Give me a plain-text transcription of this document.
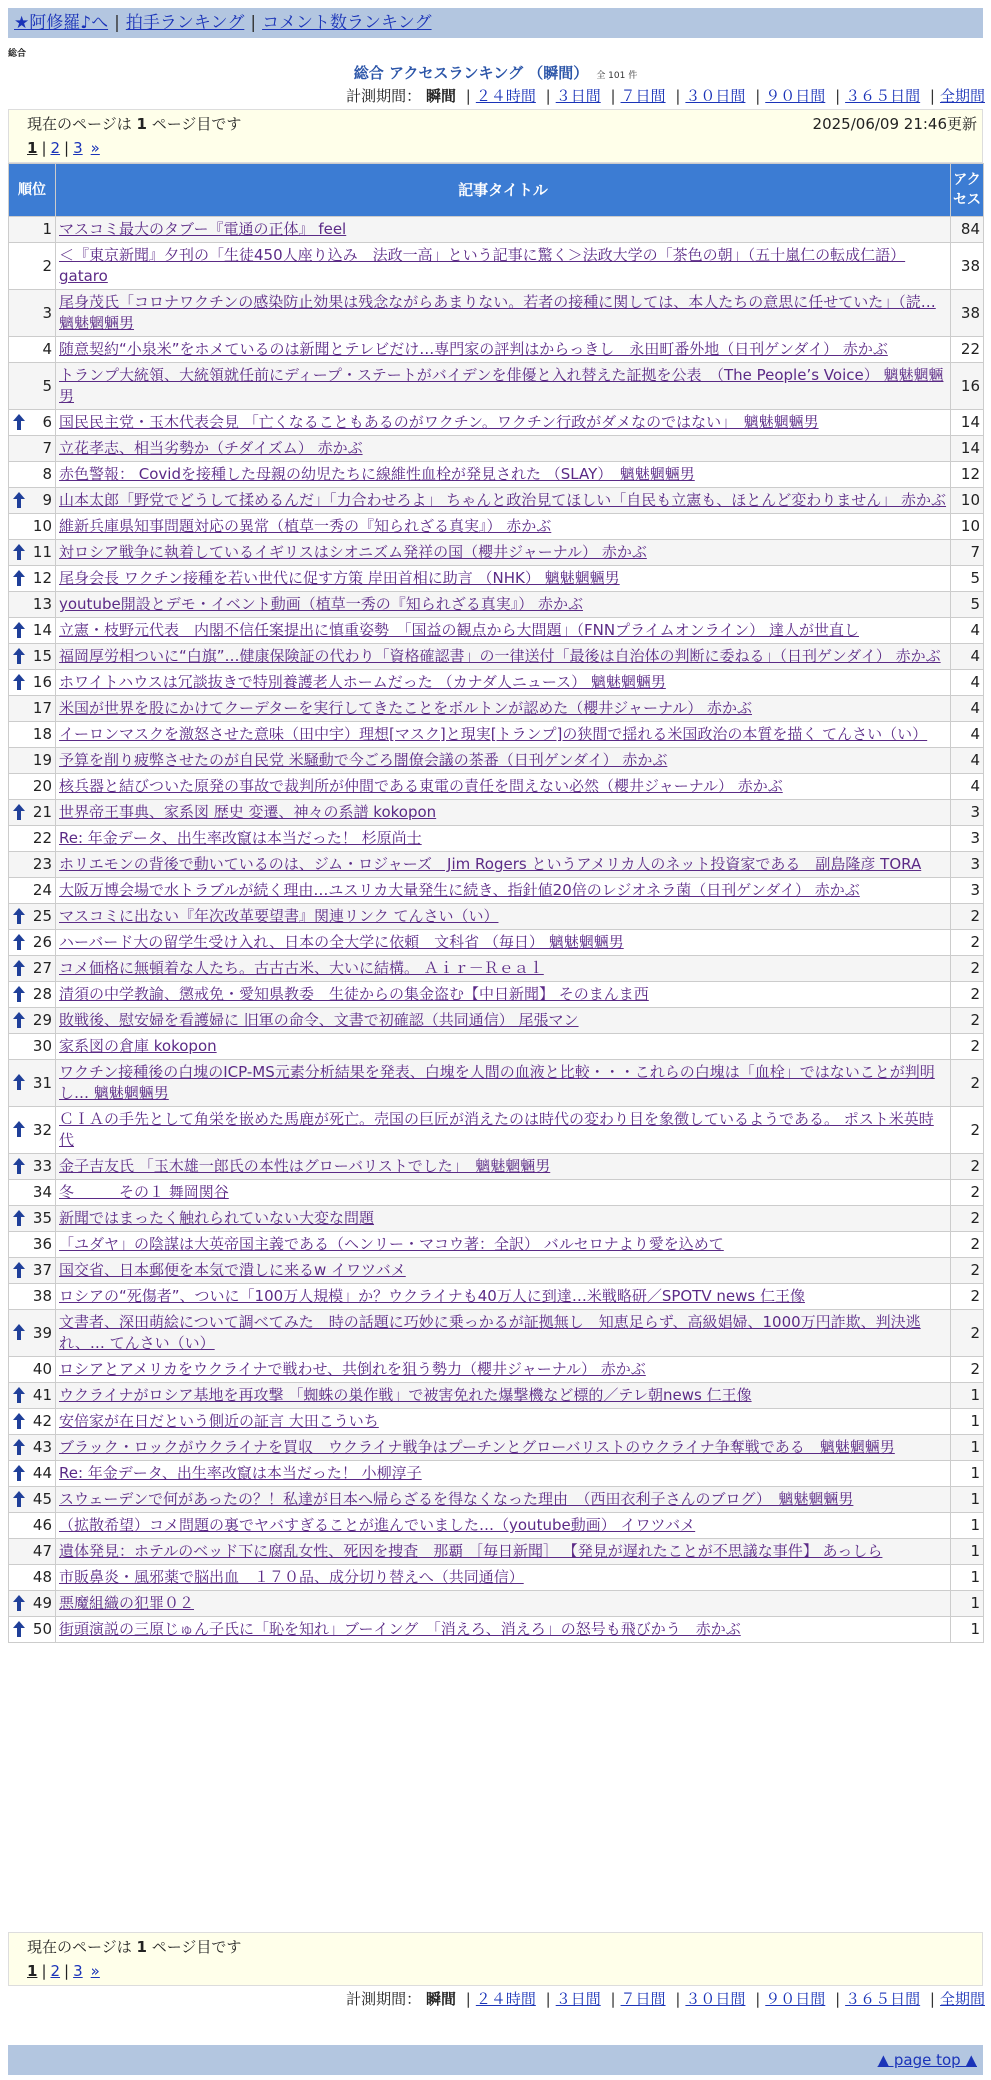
★阿修羅♪へ | 拍手ランキング | コメント数ランキング
総合
総合 アクセスランキング （瞬間） 全 101 件
計測期間： 瞬間 | ２４時間 | ３日間 | ７日間 | ３０日間 | ９０日間 | ３６５日間 | 全期間
現在のページは 1 ページ目です	2025/06/09 21:46更新
1 | 2 | 3 »
順位	記事タイトル	アクセス
1	マスコミ最大のタブー『電通の正体』 feel	84
2	＜『東京新聞』夕刊の「生徒450人座り込み　法政一高」という記事に驚く＞法政大学の「茶色の朝」（五十嵐仁の転成仁語） gataro	38
3	尾身茂氏「コロナワクチンの感染防止効果は残念ながらあまりない。若者の接種に関しては、本人たちの意思に任せていた」（読… 魑魅魍魎男	38
4	随意契約“小泉米”をホメているのは新聞とテレビだけ…専門家の評判はからっきし　永田町番外地（日刊ゲンダイ） 赤かぶ	22
5	トランプ大統領、大統領就任前にディープ・ステートがバイデンを俳優と入れ替えた証拠を公表　（The People’s Voice） 魑魅魍魎男	16

6	国民民主党・玉木代表会見 「亡くなることもあるのがワクチン。ワクチン行政がダメなのではない」　魑魅魍魎男	14
7	立花孝志、相当劣勢か（チダイズム） 赤かぶ	14
8	赤色警報： Covidを接種した母親の幼児たちに線維性血栓が発見された （SLAY）　魑魅魍魎男	12

9	山本太郎「野党でどうして揉めるんだ」「力合わせろよ」 ちゃんと政治見てほしい「自民も立憲も、ほとんど変わりません」 赤かぶ	10
10	維新兵庫県知事問題対応の異常（植草一秀の『知られざる真実』） 赤かぶ	10

11	対ロシア戦争に執着しているイギリスはシオニズム発祥の国（櫻井ジャーナル） 赤かぶ	7

12	尾身会長 ワクチン接種を若い世代に促す方策 岸田首相に助言 （NHK） 魑魅魍魎男	5
13	youtube開設とデモ・イベント動画（植草一秀の『知られざる真実』） 赤かぶ	5

14	立憲・枝野元代表　内閣不信任案提出に慎重姿勢　「国益の観点から大問題」（FNNプライムオンライン） 達人が世直し	4

15	福岡厚労相ついに“白旗”…健康保険証の代わり「資格確認書」の一律送付「最後は自治体の判断に委ねる」（日刊ゲンダイ） 赤かぶ	4

16	ホワイトハウスは冗談抜きで特別養護老人ホームだった （カナダ人ニュース） 魑魅魍魎男	4
17	米国が世界を股にかけてクーデターを実行してきたことをボルトンが認めた（櫻井ジャーナル） 赤かぶ	4
18	イーロンマスクを激怒させた意味（田中宇）理想[マスク]と現実[トランプ]の狭間で揺れる米国政治の本質を描く てんさい（い）	4
19	予算を削り疲弊させたのが自民党 米騒動で今ごろ闇僚会議の茶番（日刊ゲンダイ） 赤かぶ	4
20	核兵器と結びついた原発の事故で裁判所が仲間である東電の責任を問えない必然（櫻井ジャーナル） 赤かぶ	4

21	世界帝王事典、家系図 歴史 変遷、神々の系譜 kokopon	3
22	Re: 年金データ、出生率改竄は本当だった！ 杉原尚士	3
23	ホリエモンの背後で動いているのは、ジム・ロジャーズ　Jim Rogers というアメリカ人のネット投資家である　副島隆彦 TORA	3
24	大阪万博会場で水トラブルが続く理由…ユスリカ大量発生に続き、指針値20倍のレジオネラ菌（日刊ゲンダイ） 赤かぶ	3

25	マスコミに出ない『年次改革要望書』関連リンク てんさい（い）	2

26	ハーバード大の留学生受け入れ、日本の全大学に依頼　文科省 （毎日） 魑魅魍魎男	2

27	コメ価格に無頓着な人たち。古古古米、大いに結構。 Ａｉｒ－Ｒｅａｌ	2

28	清須の中学教諭、懲戒免・愛知県教委　生徒からの集金盗む【中日新聞】 そのまんま西	2

29	敗戦後、慰安婦を看護婦に 旧軍の命令、文書で初確認（共同通信） 尾張マン	2
30	家系図の倉庫 kokopon	2

31	ワクチン接種後の白塊のICP-MS元素分析結果を発表、白塊を人間の血液と比較・・・これらの白塊は「血栓」ではないことが判明し… 魑魅魍魎男	2

32	ＣＩＡの手先として角栄を嵌めた馬鹿が死亡。売国の巨匠が消えたのは時代の変わり目を象徴しているようである。 ポスト米英時代	2

33	金子吉友氏 「玉木雄一郎氏の本性はグローバリストでした」　魑魅魍魎男	2
34	冬　　　その１ 舞岡関谷	2

35	新聞ではまったく触れられていない大変な問題	2
36	「ユダヤ」の陰謀は大英帝国主義である（ヘンリー・マコウ著：全訳） バルセロナより愛を込めて	2

37	国交省、日本郵便を本気で潰しに来るw イワツバメ	2
38	ロシアの“死傷者”、ついに「100万人規模」か？ウクライナも40万人に到達…米戦略研／SPOTV news 仁王像	2

39	文書者、深田萌絵について調べてみた　時の話題に巧妙に乗っかるが証拠無し　知恵足らず、高級娼婦、1000万円詐欺、判決逃れ、… てんさい（い）	2
40	ロシアとアメリカをウクライナで戦わせ、共倒れを狙う勢力（櫻井ジャーナル） 赤かぶ	2

41	ウクライナがロシア基地を再攻撃 「蜘蛛の巣作戦」で被害免れた爆撃機など標的／テレ朝news 仁王像	1

42	安倍家が在日だという側近の証言 大田こういち	1

43	ブラック・ロックがウクライナを買収　ウクライナ戦争はプーチンとグローバリストのウクライナ争奪戦である　魑魅魍魎男	1

44	Re: 年金データ、出生率改竄は本当だった！ 小柳淳子	1

45	スウェーデンで何があったの？！私達が日本へ帰らざるを得なくなった理由　（西田衣利子さんのブログ）　魑魅魍魎男	1
46	（拡散希望）コメ問題の裏でヤバすぎることが進んでいました…（youtube動画） イワツバメ	1
47	遺体発見：ホテルのベッド下に腐乱女性、死因を捜査　那覇 ［毎日新聞］ 【発見が遅れたことが不思議な事件】 あっしら	1
48	市販鼻炎・風邪薬で脳出血　１７０品、成分切り替えへ（共同通信）	1

49	悪魔組織の犯罪０２	1

50	街頭演説の三原じゅん子氏に「恥を知れ」ブーイング　「消えろ、消えろ」の怒号も飛びかう　赤かぶ	1
計測期間： 瞬間 | ２４時間 | ３日間 | ７日間 | ３０日間 | ９０日間 | ３６５日間 | 全期間
現在のページは 1 ページ目です
1 | 2 | 3 »
▲ page top ▲
